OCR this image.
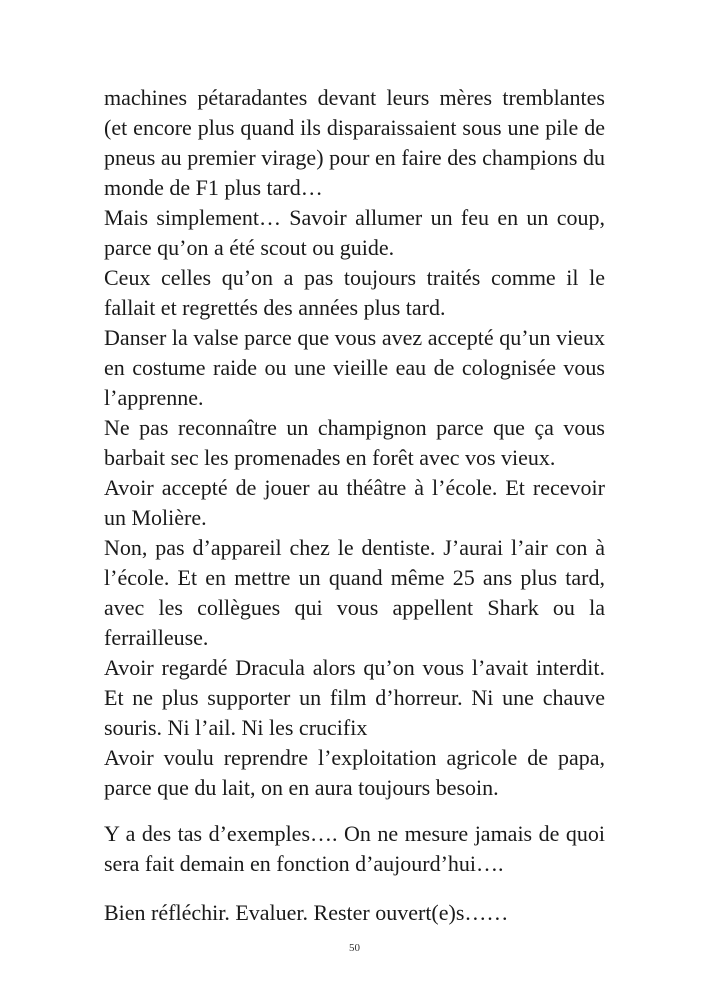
machines pétaradantes devant leurs mères tremblantes (et encore plus quand ils disparaissaient sous une pile de pneus au premier virage) pour en faire des champions du monde de F1 plus tard…

Mais simplement… Savoir allumer un feu en un coup, parce qu’on a été scout ou guide.

Ceux celles qu’on a pas toujours traités comme il le fallait et regrettés des années plus tard.

Danser la valse parce que vous avez accepté qu’un vieux en costume raide ou une vieille eau de colognisée vous l’apprenne.

Ne pas reconnaître un champignon parce que ça vous barbait sec les promenades en forêt avec vos vieux.

Avoir accepté de jouer au théâtre à l’école. Et recevoir un Molière.

Non, pas d’appareil chez le dentiste. J’aurai l’air con à l’école. Et en mettre un quand même 25 ans plus tard, avec les collègues qui vous appellent Shark ou la ferrailleuse.

Avoir regardé Dracula alors qu’on vous l’avait interdit. Et ne plus supporter un film d’horreur. Ni une chauve souris. Ni l’ail. Ni les crucifix

Avoir voulu reprendre l’exploitation agricole de papa, parce que du lait, on en aura toujours besoin.

Y a des tas d’exemples…. On ne mesure jamais de quoi sera fait demain en fonction d’aujourd’hui….

Bien réfléchir. Evaluer. Rester ouvert(e)s……

50
